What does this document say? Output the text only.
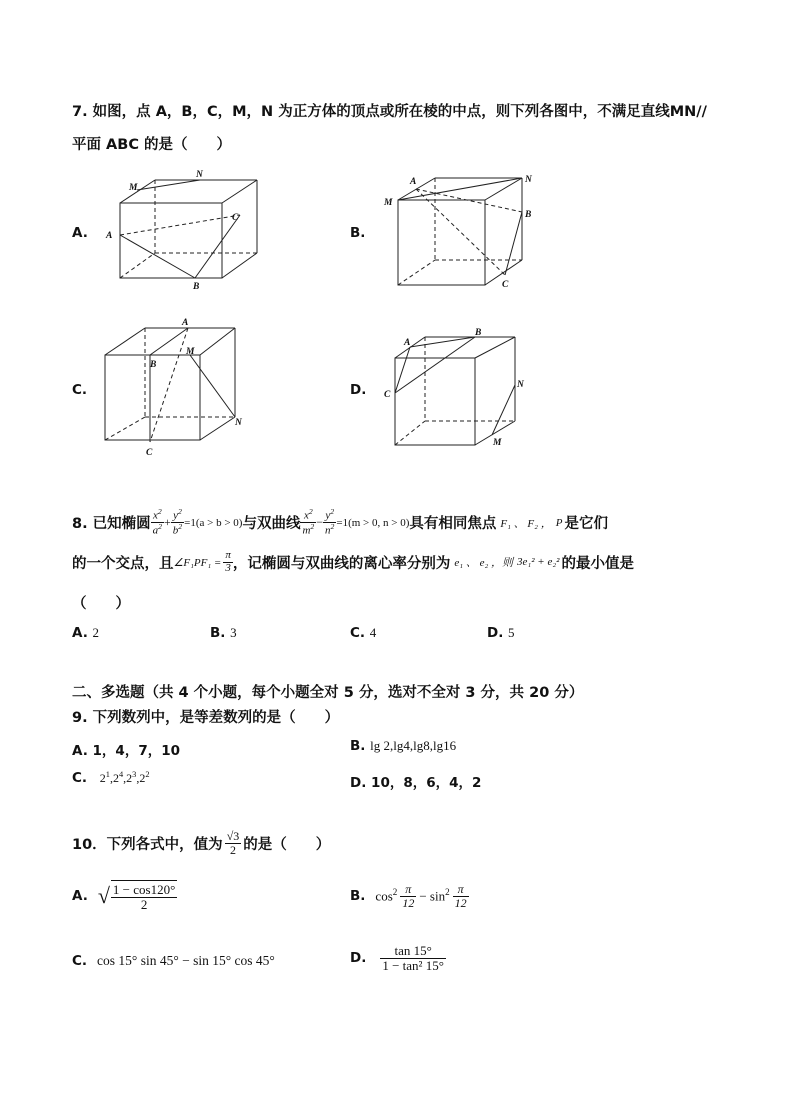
7. 如图，点 A，B，C，M，N 为正方体的顶点或所在棱的中点，则下列各图中，不满足直线MN//
平面 ABC 的是（　　）
A.
M
N
C
A
B
B.
A	N
M
B
C
C.
A
B
M
N
C
D.
A
B
C
N
M
8. 已知椭圆 $\frac{x^2}{a^2} + \frac{y^2}{b^2} =1(a > b > 0)$ 与双曲线 $\frac{x^2}{m^2} - \frac{y^2}{n^2} =1(m > 0$, n > 0) 具有相同焦点 F₁ 、 F₂ ， P 是它们
的一个交点，且 ∠F₁PF₁ = $\frac{\pi}{3}$ ，记椭圆与双曲线的离心率分别为 e₁ 、 e₂ ，则 3e₁² + e₂² 的最小值是
（　　）
A. 2	B. 3	C. 4	D. 5
二、多选题（共 4 个小题，每个小题全对 5 分，选对不全对 3 分，共 20 分）
9. 下列数列中，是等差数列的是（　　）
A. 1，4，7，10	B. lg 2,lg4,lg8,lg16
C. $2^1,2^4,2^3,2^2$
D. 10，8，6，4，2
10．下列各式中，值为 $\frac{√3}{2}$ 的是（　　）
A. √ $\frac{1 - \cos 120^\circ}{2}$	B. $\cos^2 \frac{\pi}{12} - \sin^2 \frac{\pi}{12}$
C. cos 15° sin 45° − sin 15° cos 45°	D. $\frac{\tan 15^\circ}{\text{1 − tan² 15°}}$
